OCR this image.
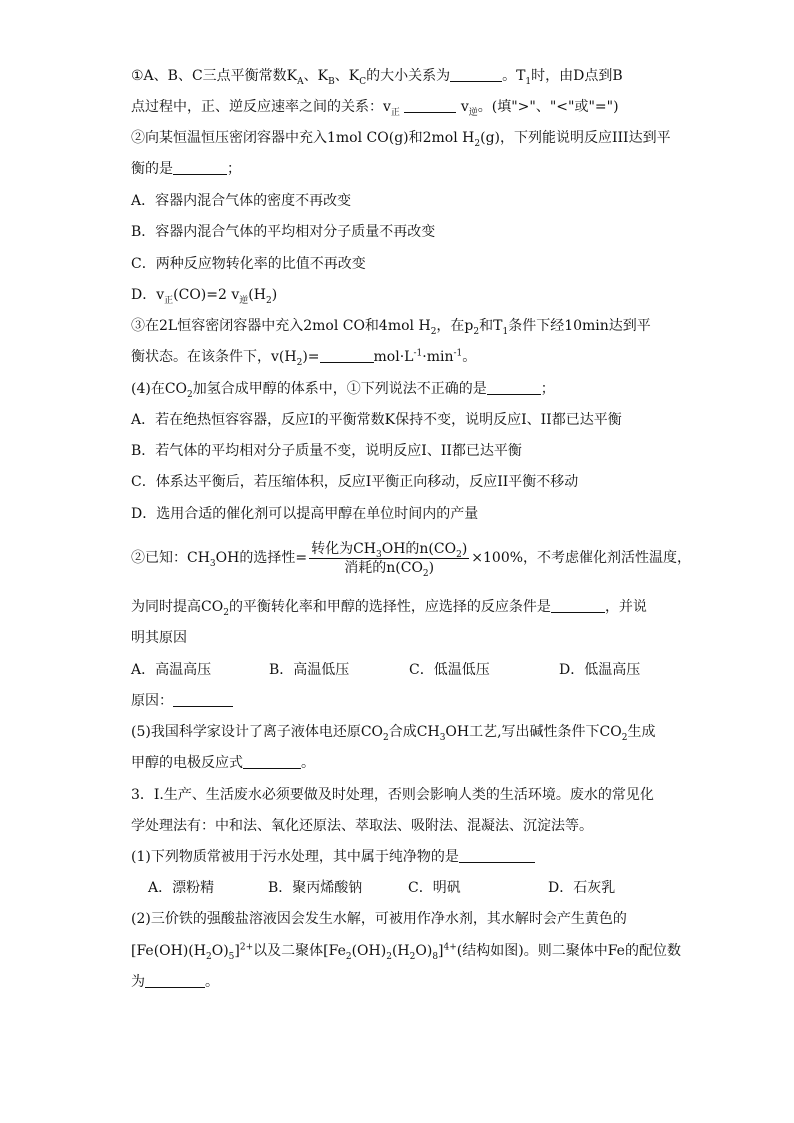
①A、B、C三点平衡常数$K_A$、$K_B$、$K_C$的大小关系为	。$T_1$时，由D点到B
点过程中，正、逆反应速率之间的关系：$v_正$	$v_逆$。(填">"、"<"或"=")
②向某恒温恒压密闭容器中充入1mol CO(g)和2mol $H_2(g)$，下列能说明反应III达到平
衡的是	；
A．容器内混合气体的密度不再改变
B．容器内混合气体的平均相对分子质量不再改变
C．两种反应物转化率的比值不再改变
D．$v_正(CO)=2$ $v_逆(H_2)$
③在2L恒容密闭容器中充入2mol CO和4mol $H_2$，在$p_2$和$T_1$条件下经10min达到平
衡状态。在该条件下，$v(H_2)=$	$mol\cdot L^{-1}\cdot\min^{-1}$。
(4)在$CO_2$加氢合成甲醇的体系中，①下列说法不正确的是	；
A．若在绝热恒容容器，反应I的平衡常数K保持不变，说明反应I、II都已达平衡
B．若气体的平均相对分子质量不变，说明反应I、II都已达平衡
C．体系达平衡后，若压缩体积，反应I平衡正向移动，反应II平衡不移动
D．选用合适的催化剂可以提高甲醇在单位时间内的产量
②已知：$CH_3OH$的选择性= $\frac{转化为CH_3OH的n(CO_2)}{消耗的n(CO_2)} \times 100\%$，不考虑催化剂活性温度，
为同时提高$CO_2$的平衡转化率和甲醇的选择性，应选择的反应条件是	，并说
明其原因
A．高温高压	B．高温低压	C．低温低压	D．低温高压
原因：
(5)我国科学家设计了离子液体电还原$CO_2$合成$CH_3OH$工艺,写出碱性条件下$CO_2$生成
甲醇的电极反应式	。
3．Ⅰ.生产、生活废水必须要做及时处理，否则会影响人类的生活环境。废水的常见化
学处理法有：中和法、氧化还原法、萃取法、吸附法、混凝法、沉淀法等。
(1)下列物质常被用于污水处理，其中属于纯净物的是
A．漂粉精	B．聚丙烯酸钠	C．明矾	D．石灰乳
(2)三价铁的强酸盐溶液因会发生水解，可被用作净水剂，其水解时会产生黄色的
$[Fe(OH)(H_2O)_5]^{2+}$以及二聚体$[Fe_2(OH)_2(H_2O)_8]^{4+}$(结构如图)。则二聚体中Fe的配位数
为	。
